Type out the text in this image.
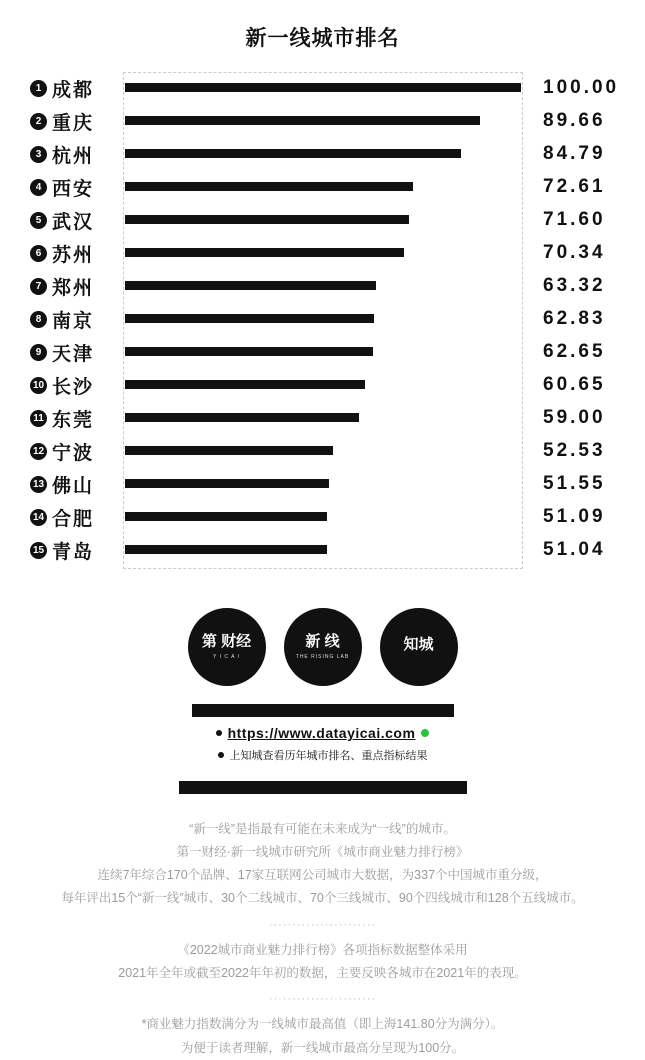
新一线城市排名
1 成都	100.00
2 重庆	89.66
3 杭州	84.79
4 西安	72.61
5 武汉	71.60
6 苏州	70.34
7 郑州	63.32
8 南京	62.83
9 天津	62.65
10 长沙	60.65
11 东莞	59.00
12 宁波	52.53
13 佛山	51.55
14 合肥	51.09
15 青岛	51.04
第 财经
Y I C A I
新 线
THE RISING LAB
知城
https://www.datayicai.com
上知城查看历年城市排名、重点指标结果
“新一线”是指最有可能在未来成为“一线”的城市。
第一财经·新一线城市研究所《城市商业魅力排行榜》
连续7年综合170个品牌、17家互联网公司城市大数据，为337个中国城市重分级，
每年评出15个“新一线”城市、30个二线城市、70个三线城市、90个四线城市和128个五线城市。
·······················
《2022城市商业魅力排行榜》各项指标数据整体采用
2021年全年或截至2022年年初的数据，主要反映各城市在2021年的表现。
·······················
*商业魅力指数满分为一线城市最高值（即上海141.80分为满分）。
为便于读者理解，新一线城市最高分呈现为100分。
